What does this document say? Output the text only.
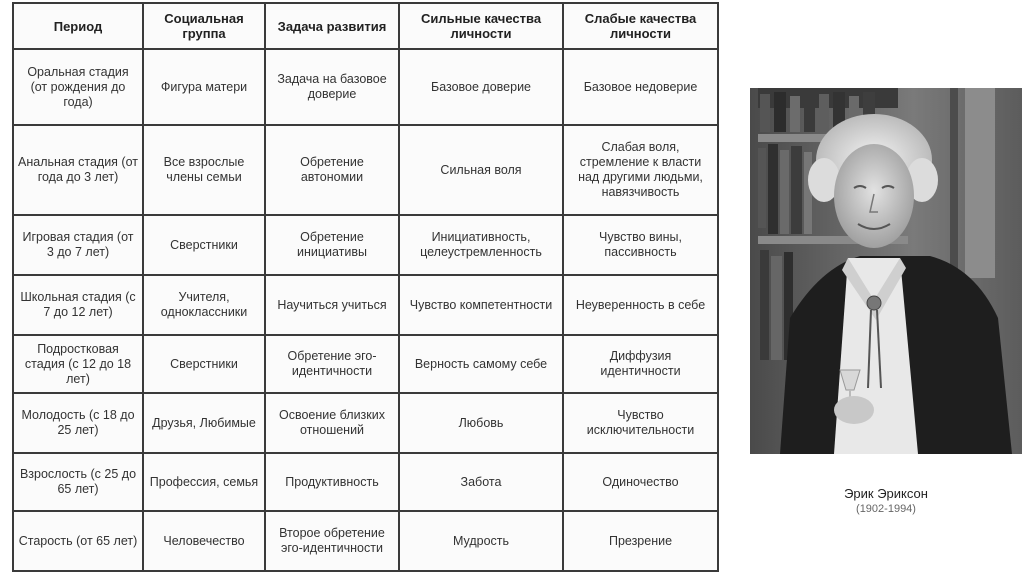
Период	Социальная группа	Задача развития	Сильные качества личности	Слабые качества личности
Оральная стадия (от рождения до года)	Фигура матери	Задача на базовое доверие	Базовое доверие	Базовое недоверие
Анальная стадия (от года до 3 лет)	Все взрослые члены семьи	Обретение автономии	Сильная воля	Слабая воля, стремление к власти над другими людьми, навязчивость
Игровая стадия (от 3 до 7 лет)	Сверстники	Обретение инициативы	Инициативность, целеустремленность	Чувство вины, пассивность
Школьная стадия (с 7 до 12 лет)	Учителя, одноклассники	Научиться учиться	Чувство компетентности	Неуверенность в себе
Подростковая стадия (с 12 до 18 лет)	Сверстники	Обретение эго-идентичности	Верность самому себе	Диффузия идентичности
Молодость (с 18 до 25 лет)	Друзья, Любимые	Освоение близких отношений	Любовь	Чувство исключительности
Взрослость (с 25 до 65 лет)	Профессия, семья	Продуктивность	Забота	Одиночество
Старость (от 65 лет)	Человечество	Второе обретение эго-идентичности	Мудрость	Презрение
Эрик Эриксон
(1902-1994)
